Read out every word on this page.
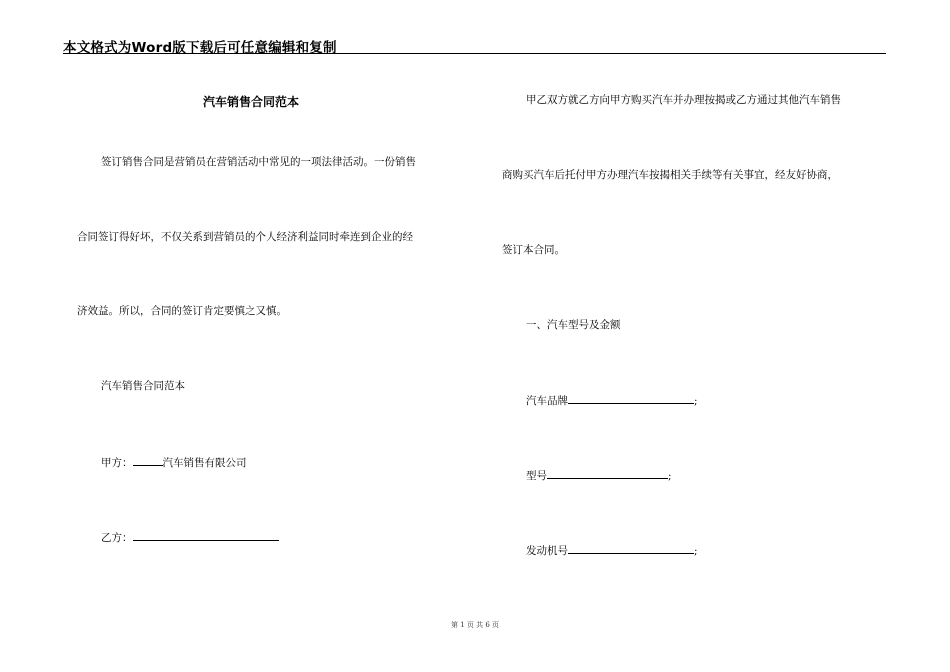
本文格式为Word版下载后可任意编辑和复制
汽车销售合同范本
签订销售合同是营销员在营销活动中常见的一项法律活动。一份销售
合同签订得好坏，不仅关系到营销员的个人经济利益同时牵连到企业的经
济效益。所以，合同的签订肯定要慎之又慎。
汽车销售合同范本
甲方：	汽车销售有限公司
乙方：
甲乙双方就乙方向甲方购买汽车并办理按揭或乙方通过其他汽车销售
商购买汽车后托付甲方办理汽车按揭相关手续等有关事宜，经友好协商，
签订本合同。
一、汽车型号及金额
汽车品牌	;
型号	;
发动机号	;
第 1 页 共 6 页
